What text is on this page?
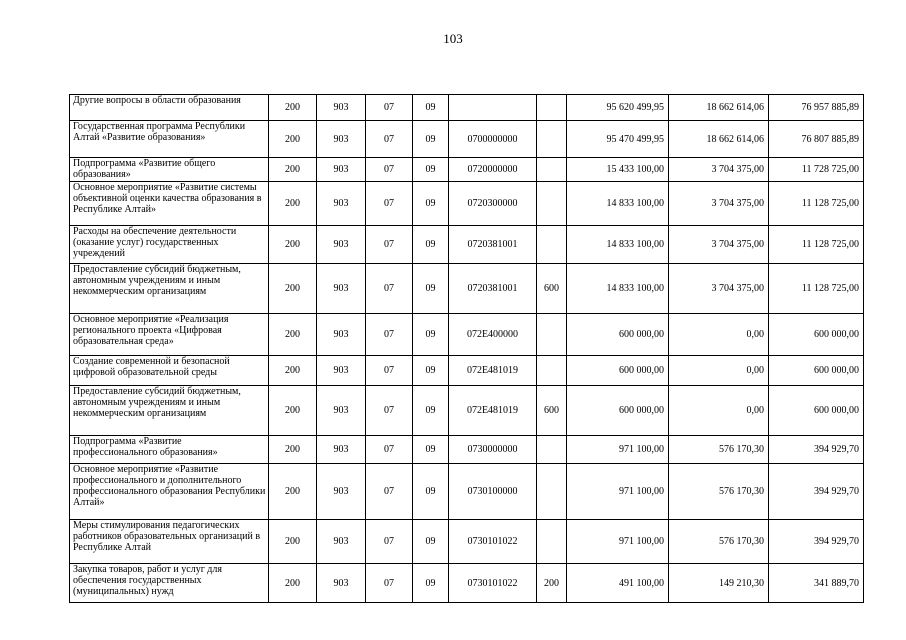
103
Другие вопросы в области образования	200	903	07	09			95 620 499,95	18 662 614,06	76 957 885,89
Государственная программа Республики Алтай «Развитие образования»	200	903	07	09	0700000000		95 470 499,95	18 662 614,06	76 807 885,89
Подпрограмма «Развитие общего образования»	200	903	07	09	0720000000		15 433 100,00	3 704 375,00	11 728 725,00
Основное мероприятие «Развитие системы объективной оценки качества образования в Республике Алтай»	200	903	07	09	0720300000		14 833 100,00	3 704 375,00	11 128 725,00
Расходы на обеспечение деятельности (оказание услуг) государственных учреждений	200	903	07	09	0720381001		14 833 100,00	3 704 375,00	11 128 725,00
Предоставление субсидий бюджетным, автономным учреждениям и иным некоммерческим организациям	200	903	07	09	0720381001	600	14 833 100,00	3 704 375,00	11 128 725,00
Основное мероприятие «Реализация регионального проекта «Цифровая образовательная среда»	200	903	07	09	072E400000		600 000,00	0,00	600 000,00
Создание современной и безопасной цифровой образовательной среды	200	903	07	09	072E481019		600 000,00	0,00	600 000,00
Предоставление субсидий бюджетным, автономным учреждениям и иным некоммерческим организациям	200	903	07	09	072E481019	600	600 000,00	0,00	600 000,00
Подпрограмма «Развитие профессионального образования»	200	903	07	09	0730000000		971 100,00	576 170,30	394 929,70
Основное мероприятие «Развитие профессионального и дополнительного профессионального образования Республики Алтай»	200	903	07	09	0730100000		971 100,00	576 170,30	394 929,70
Меры стимулирования педагогических работников образовательных организаций в Республике Алтай	200	903	07	09	0730101022		971 100,00	576 170,30	394 929,70
Закупка товаров, работ и услуг для обеспечения государственных (муниципальных) нужд	200	903	07	09	0730101022	200	491 100,00	149 210,30	341 889,70
